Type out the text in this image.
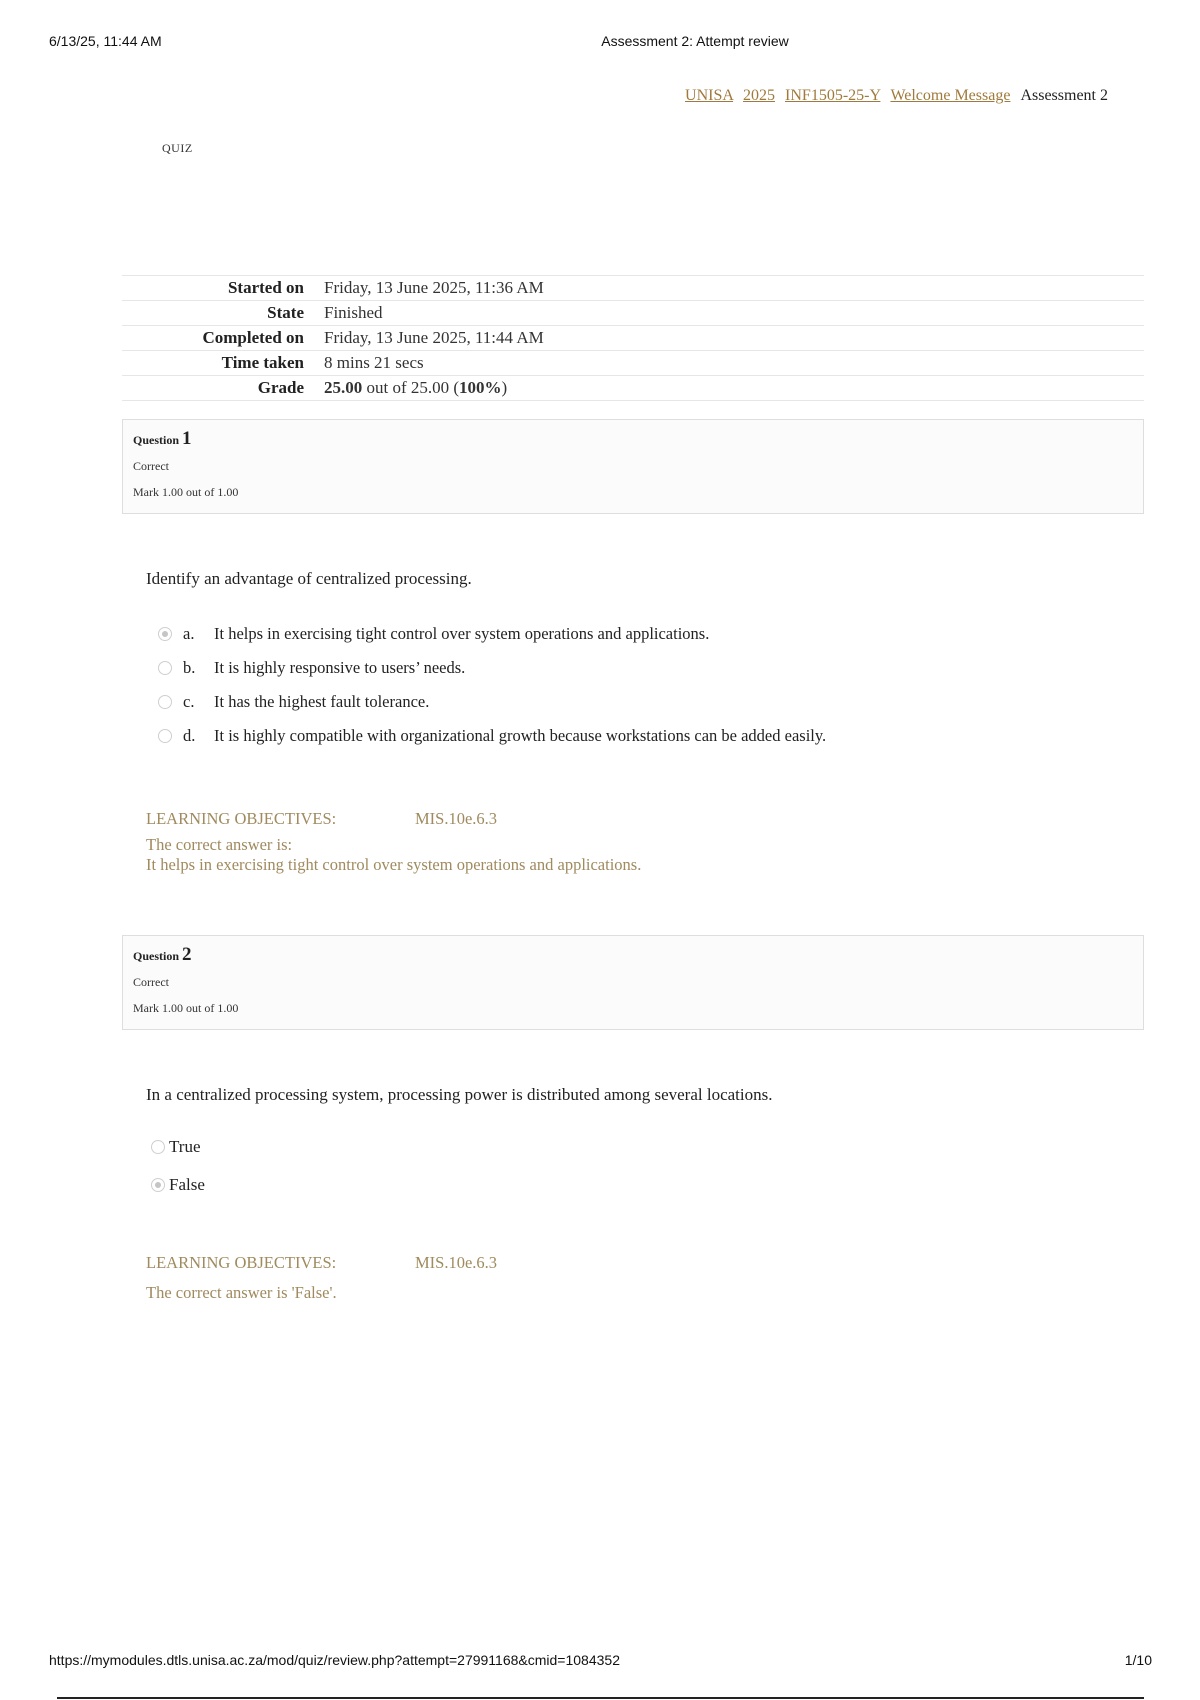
6/13/25, 11:44 AM	Assessment 2: Attempt review
UNISA 2025 INF1505-25-Y Welcome Message Assessment 2
QUIZ
Started on	Friday, 13 June 2025, 11:36 AM
State	Finished
Completed on	Friday, 13 June 2025, 11:44 AM
Time taken	8 mins 21 secs
Grade	25.00 out of 25.00 (100%)
Question 1
Correct
Mark 1.00 out of 1.00
Identify an advantage of centralized processing.
a.	It helps in exercising tight control over system operations and applications.
b.	It is highly responsive to users’ needs.
c.	It has the highest fault tolerance.
d.	It is highly compatible with organizational growth because workstations can be added easily.
LEARNING OBJECTIVES:	MIS.10e.6.3
The correct answer is:
It helps in exercising tight control over system operations and applications.
Question 2
Correct
Mark 1.00 out of 1.00
In a centralized processing system, processing power is distributed among several locations.
True
False
LEARNING OBJECTIVES:	MIS.10e.6.3
The correct answer is 'False'.
https://mymodules.dtls.unisa.ac.za/mod/quiz/review.php?attempt=27991168&cmid=1084352	1/10
